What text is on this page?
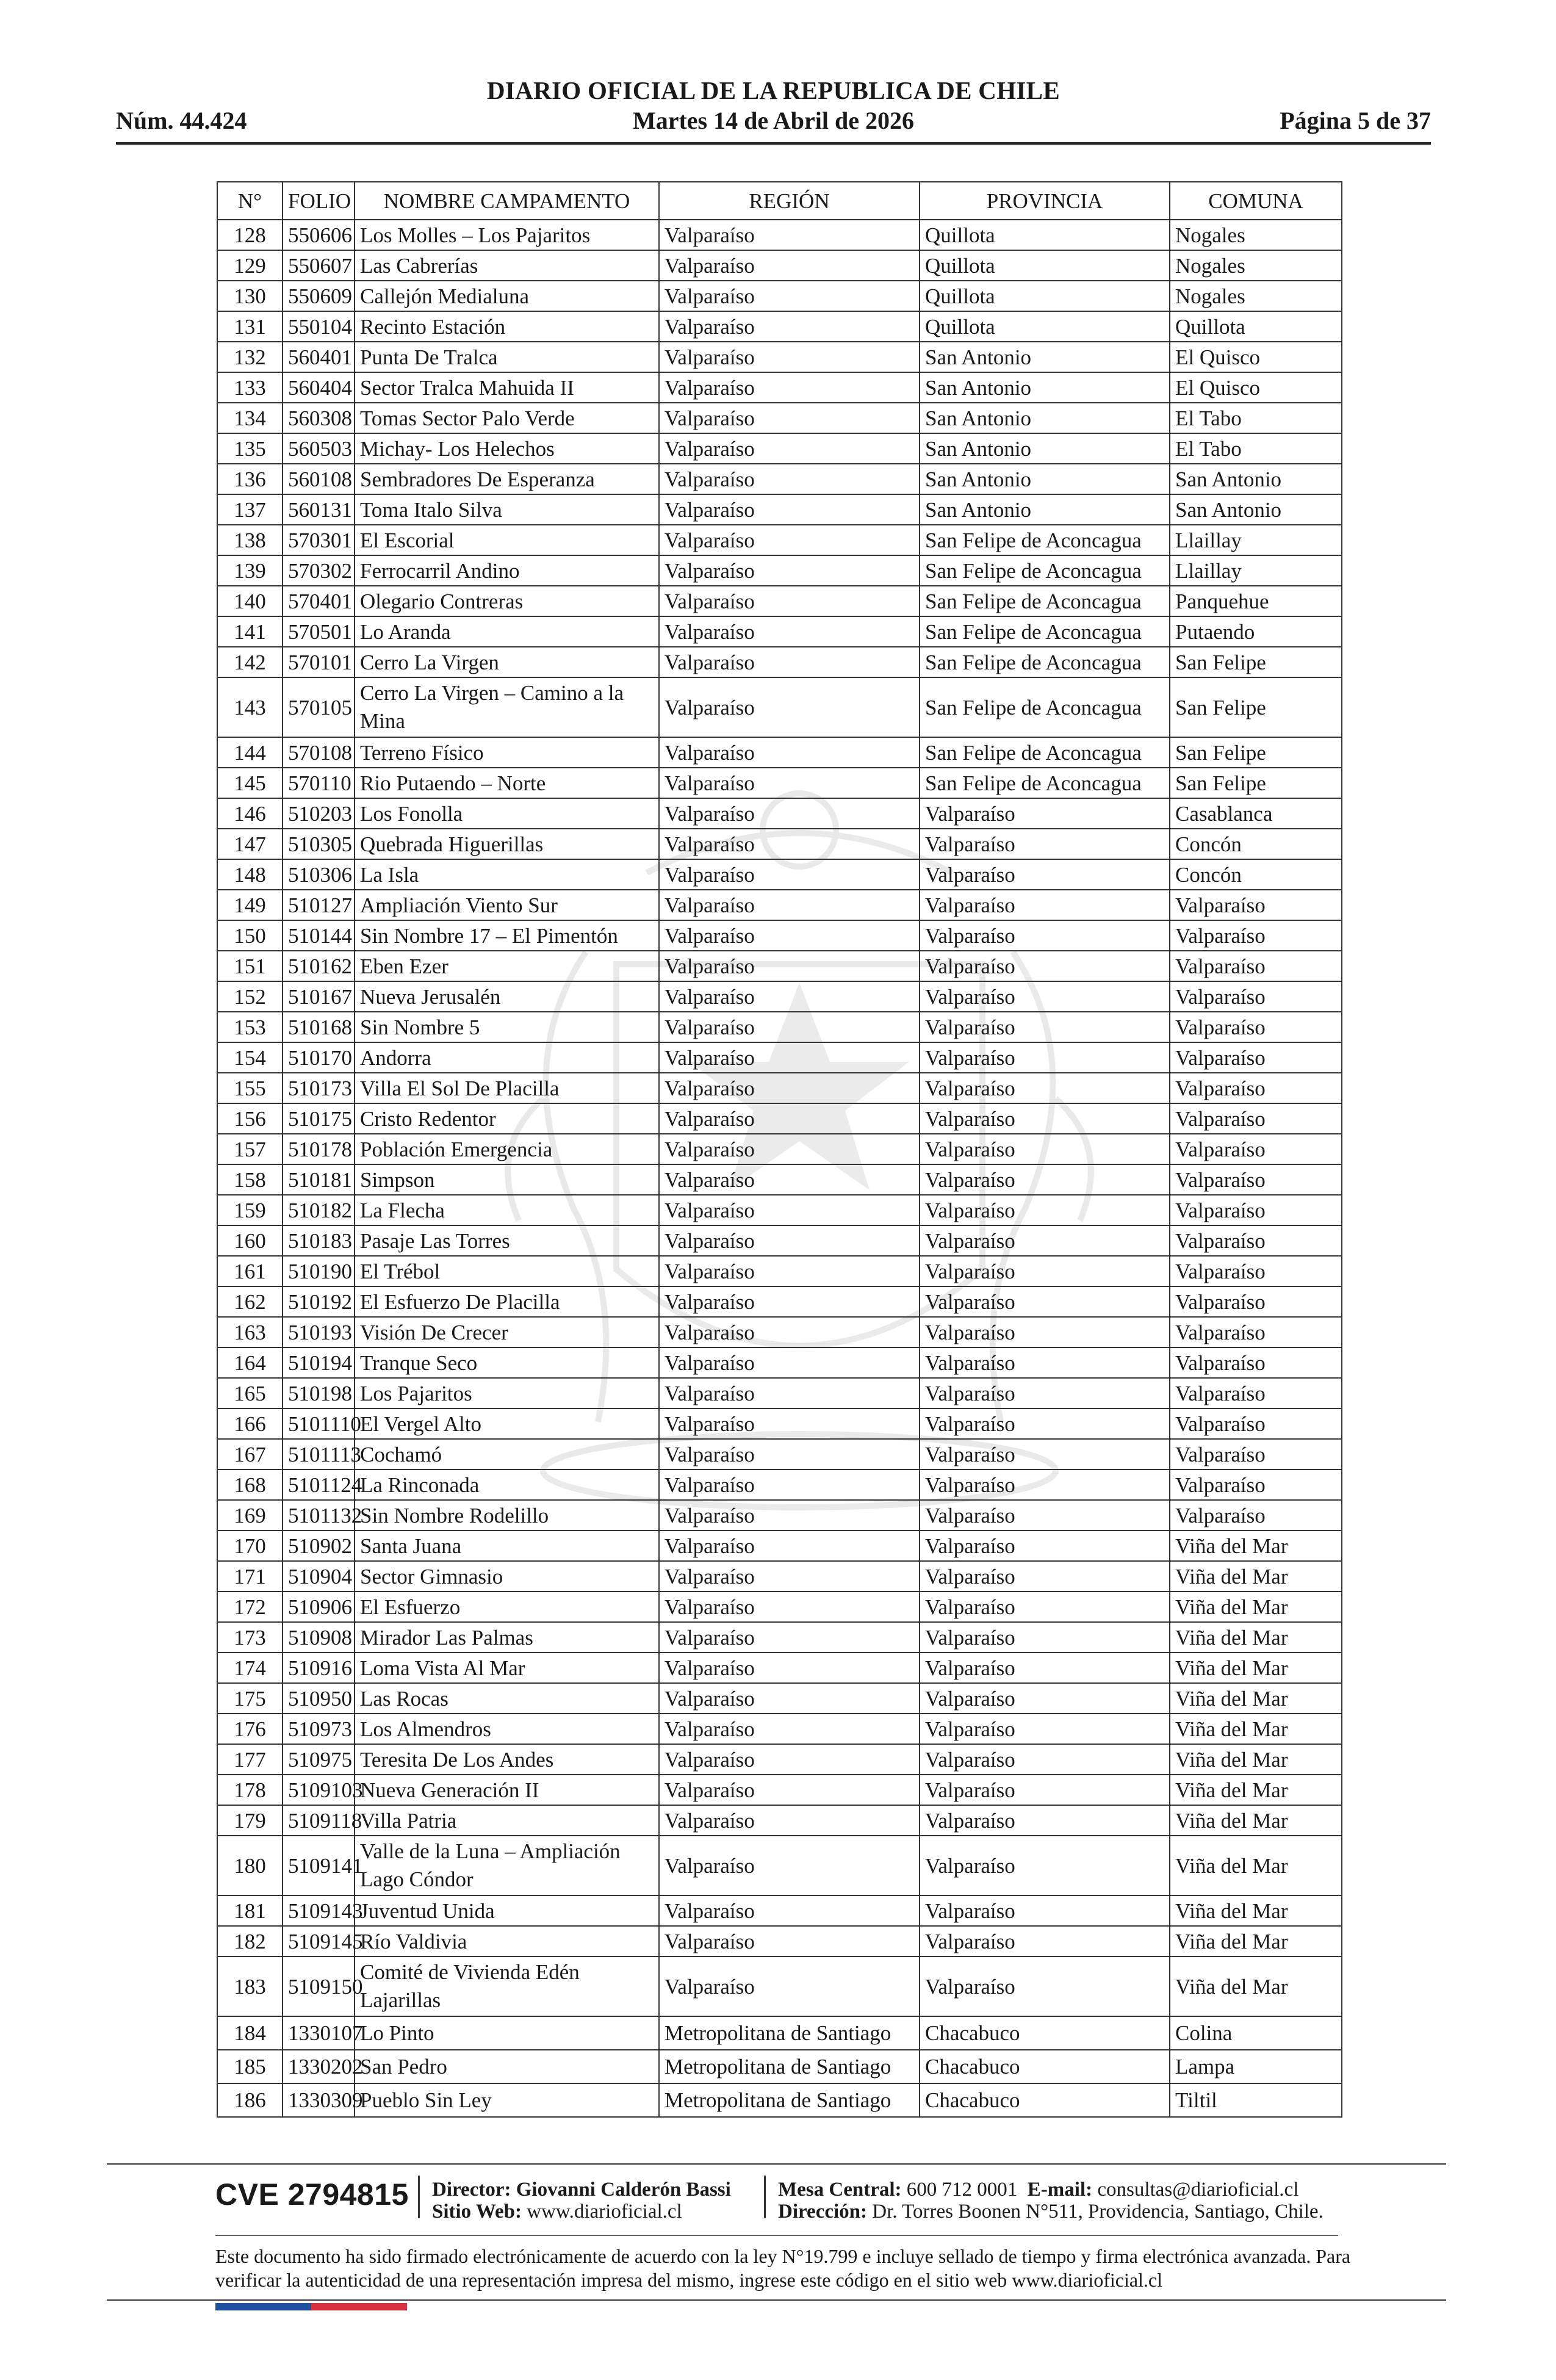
Núm. 44.424
DIARIO OFICIAL DE LA REPUBLICA DE CHILE
Martes 14 de Abril de 2026	Página 5 de 37
N°	FOLIO	NOMBRE CAMPAMENTO	REGIÓN	PROVINCIA	COMUNA
128	550606	Los Molles – Los Pajaritos	Valparaíso	Quillota	Nogales
129	550607	Las Cabrerías	Valparaíso	Quillota	Nogales
130	550609	Callejón Medialuna	Valparaíso	Quillota	Nogales
131	550104	Recinto Estación	Valparaíso	Quillota	Quillota
132	560401	Punta De Tralca	Valparaíso	San Antonio	El Quisco
133	560404	Sector Tralca Mahuida II	Valparaíso	San Antonio	El Quisco
134	560308	Tomas Sector Palo Verde	Valparaíso	San Antonio	El Tabo
135	560503	Michay- Los Helechos	Valparaíso	San Antonio	El Tabo
136	560108	Sembradores De Esperanza	Valparaíso	San Antonio	San Antonio
137	560131	Toma Italo Silva	Valparaíso	San Antonio	San Antonio
138	570301	El Escorial	Valparaíso	San Felipe de Aconcagua	Llaillay
139	570302	Ferrocarril Andino	Valparaíso	San Felipe de Aconcagua	Llaillay
140	570401	Olegario Contreras	Valparaíso	San Felipe de Aconcagua	Panquehue
141	570501	Lo Aranda	Valparaíso	San Felipe de Aconcagua	Putaendo
142	570101	Cerro La Virgen	Valparaíso	San Felipe de Aconcagua	San Felipe
143	570105	Cerro La Virgen – Camino a la Mina	Valparaíso	San Felipe de Aconcagua	San Felipe
144	570108	Terreno Físico	Valparaíso	San Felipe de Aconcagua	San Felipe
145	570110	Rio Putaendo – Norte	Valparaíso	San Felipe de Aconcagua	San Felipe
146	510203	Los Fonolla	Valparaíso	Valparaíso	Casablanca
147	510305	Quebrada Higuerillas	Valparaíso	Valparaíso	Concón
148	510306	La Isla	Valparaíso	Valparaíso	Concón
149	510127	Ampliación Viento Sur	Valparaíso	Valparaíso	Valparaíso
150	510144	Sin Nombre 17 – El Pimentón	Valparaíso	Valparaíso	Valparaíso
151	510162	Eben Ezer	Valparaíso	Valparaíso	Valparaíso
152	510167	Nueva Jerusalén	Valparaíso	Valparaíso	Valparaíso
153	510168	Sin Nombre 5	Valparaíso	Valparaíso	Valparaíso
154	510170	Andorra	Valparaíso	Valparaíso	Valparaíso
155	510173	Villa El Sol De Placilla	Valparaíso	Valparaíso	Valparaíso
156	510175	Cristo Redentor	Valparaíso	Valparaíso	Valparaíso
157	510178	Población Emergencia	Valparaíso	Valparaíso	Valparaíso
158	510181	Simpson	Valparaíso	Valparaíso	Valparaíso
159	510182	La Flecha	Valparaíso	Valparaíso	Valparaíso
160	510183	Pasaje Las Torres	Valparaíso	Valparaíso	Valparaíso
161	510190	El Trébol	Valparaíso	Valparaíso	Valparaíso
162	510192	El Esfuerzo De Placilla	Valparaíso	Valparaíso	Valparaíso
163	510193	Visión De Crecer	Valparaíso	Valparaíso	Valparaíso
164	510194	Tranque Seco	Valparaíso	Valparaíso	Valparaíso
165	510198	Los Pajaritos	Valparaíso	Valparaíso	Valparaíso
166	5101110	El Vergel Alto	Valparaíso	Valparaíso	Valparaíso
167	5101113	Cochamó	Valparaíso	Valparaíso	Valparaíso
168	5101124	La Rinconada	Valparaíso	Valparaíso	Valparaíso
169	5101132	Sin Nombre Rodelillo	Valparaíso	Valparaíso	Valparaíso
170	510902	Santa Juana	Valparaíso	Valparaíso	Viña del Mar
171	510904	Sector Gimnasio	Valparaíso	Valparaíso	Viña del Mar
172	510906	El Esfuerzo	Valparaíso	Valparaíso	Viña del Mar
173	510908	Mirador Las Palmas	Valparaíso	Valparaíso	Viña del Mar
174	510916	Loma Vista Al Mar	Valparaíso	Valparaíso	Viña del Mar
175	510950	Las Rocas	Valparaíso	Valparaíso	Viña del Mar
176	510973	Los Almendros	Valparaíso	Valparaíso	Viña del Mar
177	510975	Teresita De Los Andes	Valparaíso	Valparaíso	Viña del Mar
178	5109103	Nueva Generación II	Valparaíso	Valparaíso	Viña del Mar
179	5109118	Villa Patria	Valparaíso	Valparaíso	Viña del Mar
180	5109141	Valle de la Luna – Ampliación Lago Cóndor	Valparaíso	Valparaíso	Viña del Mar
181	5109143	Juventud Unida	Valparaíso	Valparaíso	Viña del Mar
182	5109145	Río Valdivia	Valparaíso	Valparaíso	Viña del Mar
183	5109150	Comité de Vivienda Edén Lajarillas	Valparaíso	Valparaíso	Viña del Mar
184	1330107	Lo Pinto	Metropolitana de Santiago	Chacabuco	Colina
185	1330202	San Pedro	Metropolitana de Santiago	Chacabuco	Lampa
186	1330309	Pueblo Sin Ley	Metropolitana de Santiago	Chacabuco	Tiltil
CVE 2794815 Director: Giovanni Calderón Bassi
Sitio Web: www.diarioficial.cl
Mesa Central: 600 712 0001 E-mail: consultas@diarioficial.cl
Dirección: Dr. Torres Boonen N°511, Providencia, Santiago, Chile.
Este documento ha sido firmado electrónicamente de acuerdo con la ley N°19.799 e incluye sellado de tiempo y firma electrónica avanzada. Para verificar la autenticidad de una representación impresa del mismo, ingrese este código en el sitio web www.diarioficial.cl
